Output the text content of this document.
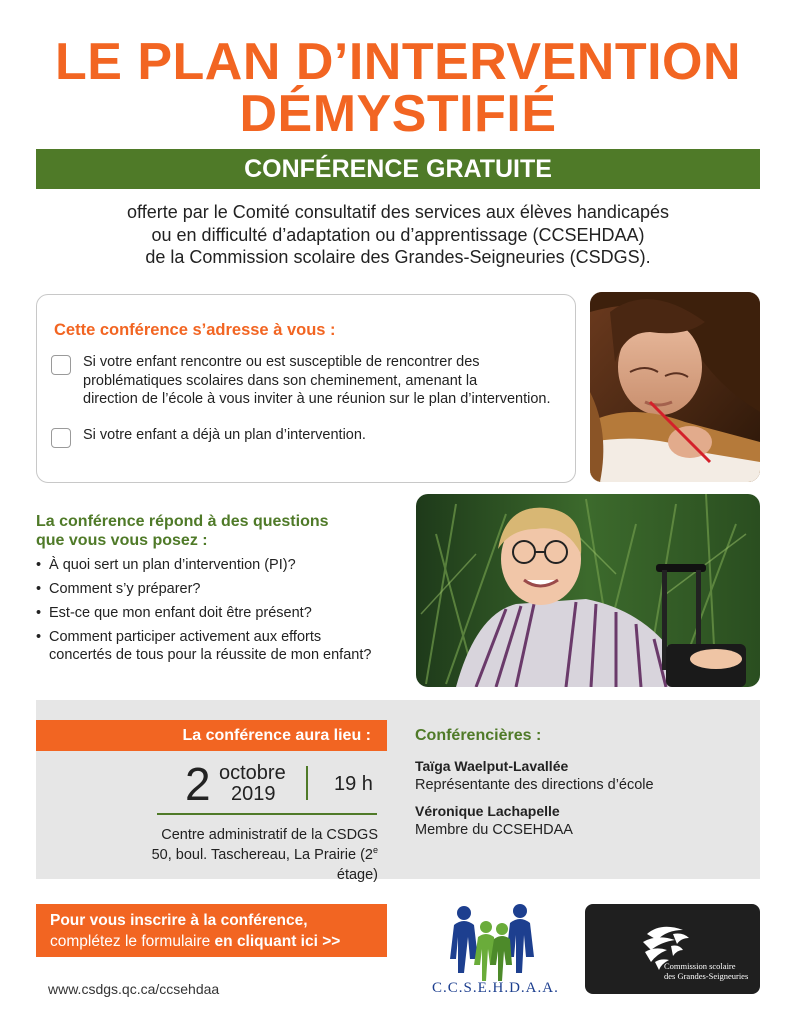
LE PLAN D’INTERVENTION
DÉMYSTIFIÉ
CONFÉRENCE GRATUITE
offerte par le Comité consultatif des services aux élèves handicapés
ou en difficulté d’adaptation ou d’apprentissage (CCSEHDAA)
de la Commission scolaire des Grandes-Seigneuries (CSDGS).
Cette conférence s’adresse à vous :
Si votre enfant rencontre ou est susceptible de rencontrer des
problématiques scolaires dans son cheminement, amenant la
direction de l’école à vous inviter à une réunion sur le plan d’intervention.
Si votre enfant a déjà un plan d’intervention.
La conférence répond à des questions
que vous vous posez :
• À quoi sert un plan d’intervention (PI)?
• Comment s’y préparer?
• Est-ce que mon enfant doit être présent?
• Comment participer activement aux efforts
concertés de tous pour la réussite de mon enfant?
La conférence aura lieu :
2 octobre
2019	19 h
Centre administratif de la CSDGS
50, boul. Taschereau, La Prairie (2e étage)
Conférencières :
Taïga Waelput-Lavallée
Représentante des directions d’école
Véronique Lachapelle
Membre du CCSEHDAA
Pour vous inscrire à la conférence,
complétez le formulaire en cliquant ici >>
www.csdgs.qc.ca/ccsehdaa	C.C.S.E.H.D.A.A.
Commission scolaire
des Grandes-Seigneuries
